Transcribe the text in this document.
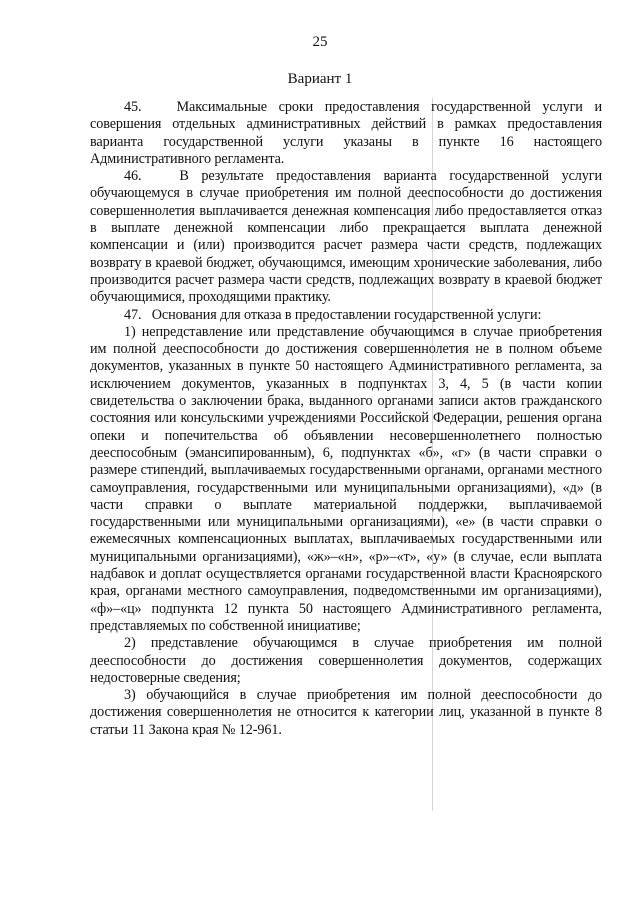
25
Вариант 1

45.   Максимальные сроки предоставления государственной услуги и совершения отдельных административных действий в рамках предоставления варианта государственной услуги указаны в пункте 16 настоящего Административного регламента.

46.   В результате предоставления варианта государственной услуги обучающемуся в случае приобретения им полной дееспособности до достижения совершеннолетия выплачивается денежная компенсация либо предоставляется отказ в выплате денежной компенсации либо прекращается выплата денежной компенсации и (или) производится расчет размера части средств, подлежащих возврату в краевой бюджет, обучающимся, имеющим хронические заболевания, либо производится расчет размера части средств, подлежащих возврату в краевой бюджет обучающимися, проходящими практику.

47.   Основания для отказа в предоставлении государственной услуги:

1) непредставление или представление обучающимся в случае приобретения им полной дееспособности до достижения совершеннолетия не в полном объеме документов, указанных в пункте 50 настоящего Административного регламента, за исключением документов, указанных в подпунктах 3, 4, 5 (в части копии свидетельства о заключении брака, выданного органами записи актов гражданского состояния или консульскими учреждениями Российской Федерации, решения органа опеки и попечительства об объявлении несовершеннолетнего полностью дееспособным (эмансипированным), 6, подпунктах «б», «г» (в части справки о размере стипендий, выплачиваемых государственными органами, органами местного самоуправления, государственными или муниципальными организациями), «д» (в части справки о выплате материальной поддержки, выплачиваемой государственными или муниципальными организациями), «е» (в части справки о ежемесячных компенсационных выплатах, выплачиваемых государственными или муниципальными организациями), «ж»–«н», «р»–«т», «у» (в случае, если выплата надбавок и доплат осуществляется органами государственной власти Красноярского края, органами местного самоуправления, подведомственными им организациями), «ф»–«ц» подпункта 12 пункта 50 настоящего Административного регламента, представляемых по собственной инициативе;

2) представление обучающимся в случае приобретения им полной дееспособности до достижения совершеннолетия документов, содержащих недостоверные сведения;

3) обучающийся в случае приобретения им полной дееспособности до достижения совершеннолетия не относится к категории лиц, указанной в пункте 8 статьи 11 Закона края № 12-961.
